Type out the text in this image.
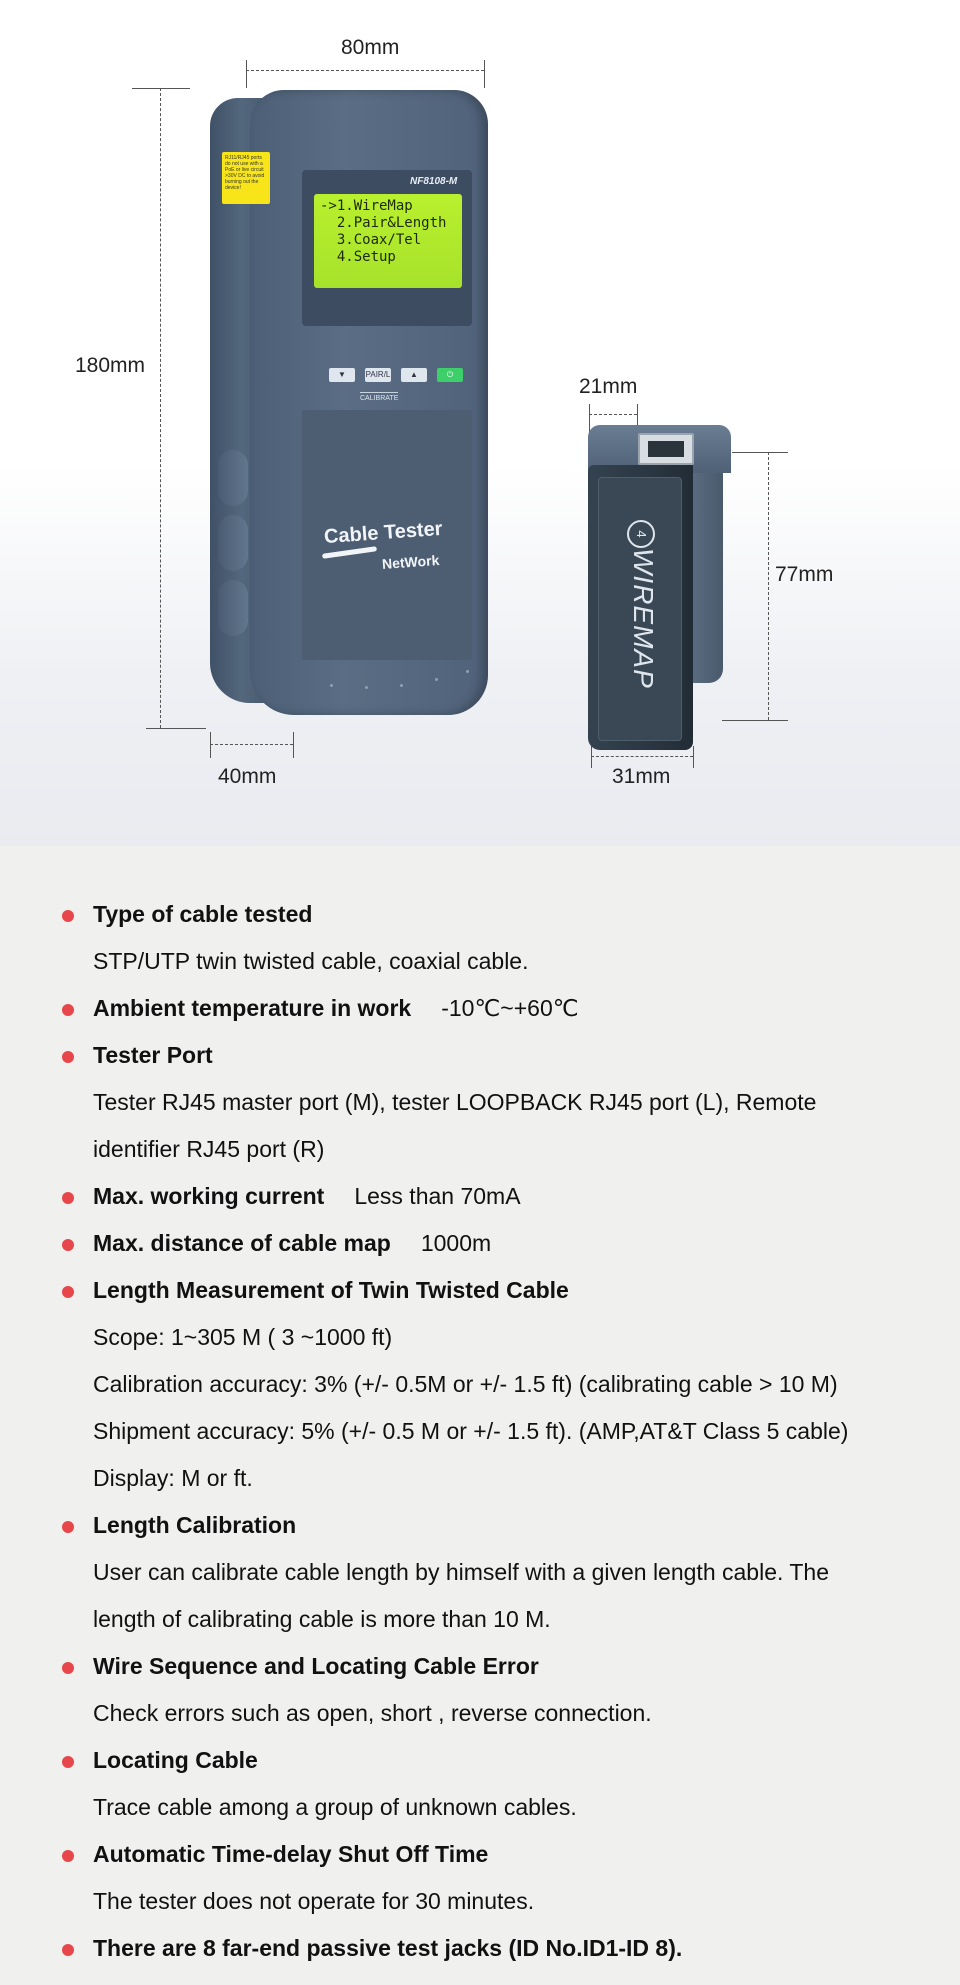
80mm
180mm
40mm
RJ11/RJ45 ports do not use with a PoE or live circuit >30V DC to avoid burning out the device!
NF8108-M
->1.WireMap
2.Pair&Length
3.Coax/Tel
4.Setup
▼	PAIR/L	▲	⏻
CALIBRATE
Cable Tester
NetWork
21mm
77mm
31mm
4
WIREMAP
Type of cable tested
STP/UTP twin twisted cable, coaxial cable.
Ambient temperature in work -10℃~+60℃
Tester Port
Tester RJ45 master port (M), tester LOOPBACK RJ45 port (L), Remote
identifier RJ45 port (R)
Max. working current Less than 70mA
Max. distance of cable map 1000m
Length Measurement of Twin Twisted Cable
Scope: 1~305 M ( 3 ~1000 ft)
Calibration accuracy: 3% (+/- 0.5M or +/- 1.5 ft) (calibrating cable > 10 M)
Shipment accuracy: 5% (+/- 0.5 M or +/- 1.5 ft). (AMP,AT&T Class 5 cable)
Display: M or ft.
Length Calibration
User can calibrate cable length by himself with a given length cable. The
length of calibrating cable is more than 10 M.
Wire Sequence and Locating Cable Error
Check errors such as open, short , reverse connection.
Locating Cable
Trace cable among a group of unknown cables.
Automatic Time-delay Shut Off Time
The tester does not operate for 30 minutes.
There are 8 far-end passive test jacks (ID No.ID1-ID 8).
